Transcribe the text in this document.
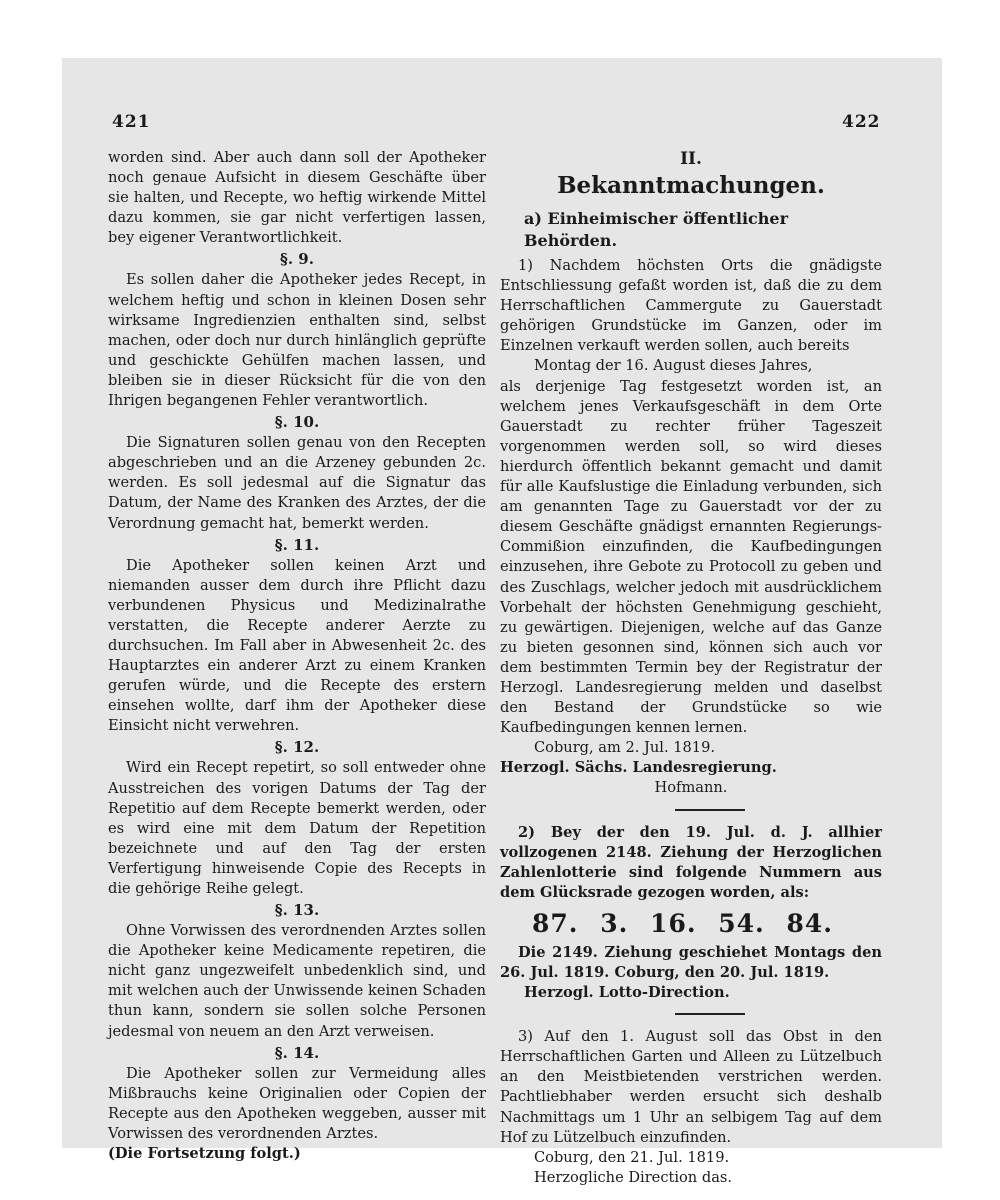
421	422

worden sind. Aber auch dann soll der Apotheker noch genaue Aufsicht in diesem Geschäfte über sie halten, und Recepte, wo heftig wirkende Mittel dazu kommen, sie gar nicht verfertigen lassen, bey eigener Verantwortlichkeit.

§. 9.

Es sollen daher die Apotheker jedes Recept, in welchem heftig und schon in kleinen Dosen sehr wirksame Ingredienzien enthalten sind, selbst machen, oder doch nur durch hinlänglich geprüfte und geschickte Gehülfen machen lassen, und bleiben sie in dieser Rücksicht für die von den Ihrigen begangenen Fehler verantwortlich.

§. 10.

Die Signaturen sollen genau von den Recepten abgeschrieben und an die Arzeney gebunden 2c. werden. Es soll jedesmal auf die Signatur das Datum, der Name des Kranken des Arztes, der die Verordnung gemacht hat, bemerkt werden.

§. 11.

Die Apotheker sollen keinen Arzt und niemanden ausser dem durch ihre Pflicht dazu verbundenen Physicus und Medizinalrathe verstatten, die Recepte anderer Aerzte zu durchsuchen. Im Fall aber in Abwesenheit 2c. des Hauptarztes ein anderer Arzt zu einem Kranken gerufen würde, und die Recepte des erstern einsehen wollte, darf ihm der Apotheker diese Einsicht nicht verwehren.

§. 12.

Wird ein Recept repetirt, so soll entweder ohne Ausstreichen des vorigen Datums der Tag der Repetitio auf dem Recepte bemerkt werden, oder es wird eine mit dem Datum der Repetition bezeichnete und auf den Tag der ersten Verfertigung hinweisende Copie des Recepts in die gehörige Reihe gelegt.

§. 13.

Ohne Vorwissen des verordnenden Arztes sollen die Apotheker keine Medicamente repetiren, die nicht ganz ungezweifelt unbedenklich sind, und mit welchen auch der Unwissende keinen Schaden thun kann, sondern sie sollen solche Personen jedesmal von neuem an den Arzt verweisen.

§. 14.

Die Apotheker sollen zur Vermeidung alles Mißbrauchs keine Originalien oder Copien der Recepte aus den Apotheken weggeben, ausser mit Vorwissen des verordnenden Arztes.

(Die Fortsetzung folgt.)

II.
Bekanntmachungen.
a) Einheimischer öffentlicher Behörden.

1) Nachdem höchsten Orts die gnädigste Entschliessung gefaßt worden ist, daß die zu dem Herrschaftlichen Cammergute zu Gauerstadt gehörigen Grundstücke im Ganzen, oder im Einzelnen verkauft werden sollen, auch bereits

Montag der 16. August dieses Jahres,

als derjenige Tag festgesetzt worden ist, an welchem jenes Verkaufsgeschäft in dem Orte Gauerstadt zu rechter früher Tageszeit vorgenommen werden soll, so wird dieses hierdurch öffentlich bekannt gemacht und damit für alle Kaufslustige die Einladung verbunden, sich am genannten Tage zu Gauerstadt vor der zu diesem Geschäfte gnädigst ernannten Regierungs-Commißion einzufinden, die Kaufbedingungen einzusehen, ihre Gebote zu Protocoll zu geben und des Zuschlags, welcher jedoch mit ausdrücklichem Vorbehalt der höchsten Genehmigung geschieht, zu gewärtigen. Diejenigen, welche auf das Ganze zu bieten gesonnen sind, können sich auch vor dem bestimmten Termin bey der Registratur der Herzogl. Landesregierung melden und daselbst den Bestand der Grundstücke so wie Kaufbedingungen kennen lernen.

Coburg, am 2. Jul. 1819.

Herzogl. Sächs. Landesregierung.

Hofmann.

2) Bey der den 19. Jul. d. J. allhier vollzogenen 2148. Ziehung der Herzoglichen Zahlenlotterie sind folgende Nummern aus dem Glücksrade gezogen worden, als:

87. 3. 16. 54. 84.

Die 2149. Ziehung geschiehet Montags den 26. Jul. 1819. Coburg, den 20. Jul. 1819.

Herzogl. Lotto-Direction.

3) Auf den 1. August soll das Obst in den Herrschaftlichen Garten und Alleen zu Lützelbuch an den Meistbietenden verstrichen werden. Pachtliebhaber werden ersucht sich deshalb Nachmittags um 1 Uhr an selbigem Tag auf dem Hof zu Lützelbuch einzufinden.

Coburg, den 21. Jul. 1819.

Herzogliche Direction das.
